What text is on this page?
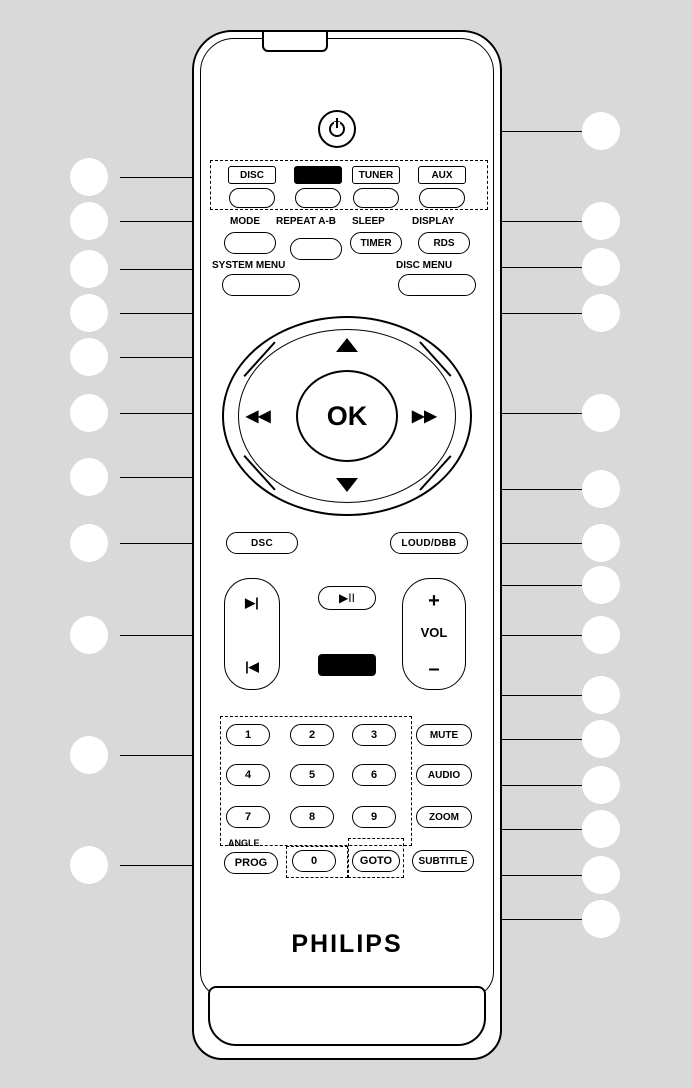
DISC	TUNER	AUX
MODE REPEAT A-B SLEEP	DISPLAY
TIMER	RDS
SYSTEM MENU	DISC MENU
OK
◀◀	▶▶
DSC	LOUD/DBB
▶|
|◀
▶II	+
VOL
–
1	2	3
4	5	6
7	8	9
0
ANGLE
PROG	GOTO
MUTE
AUDIO
ZOOM
SUBTITLE
PHILIPS
